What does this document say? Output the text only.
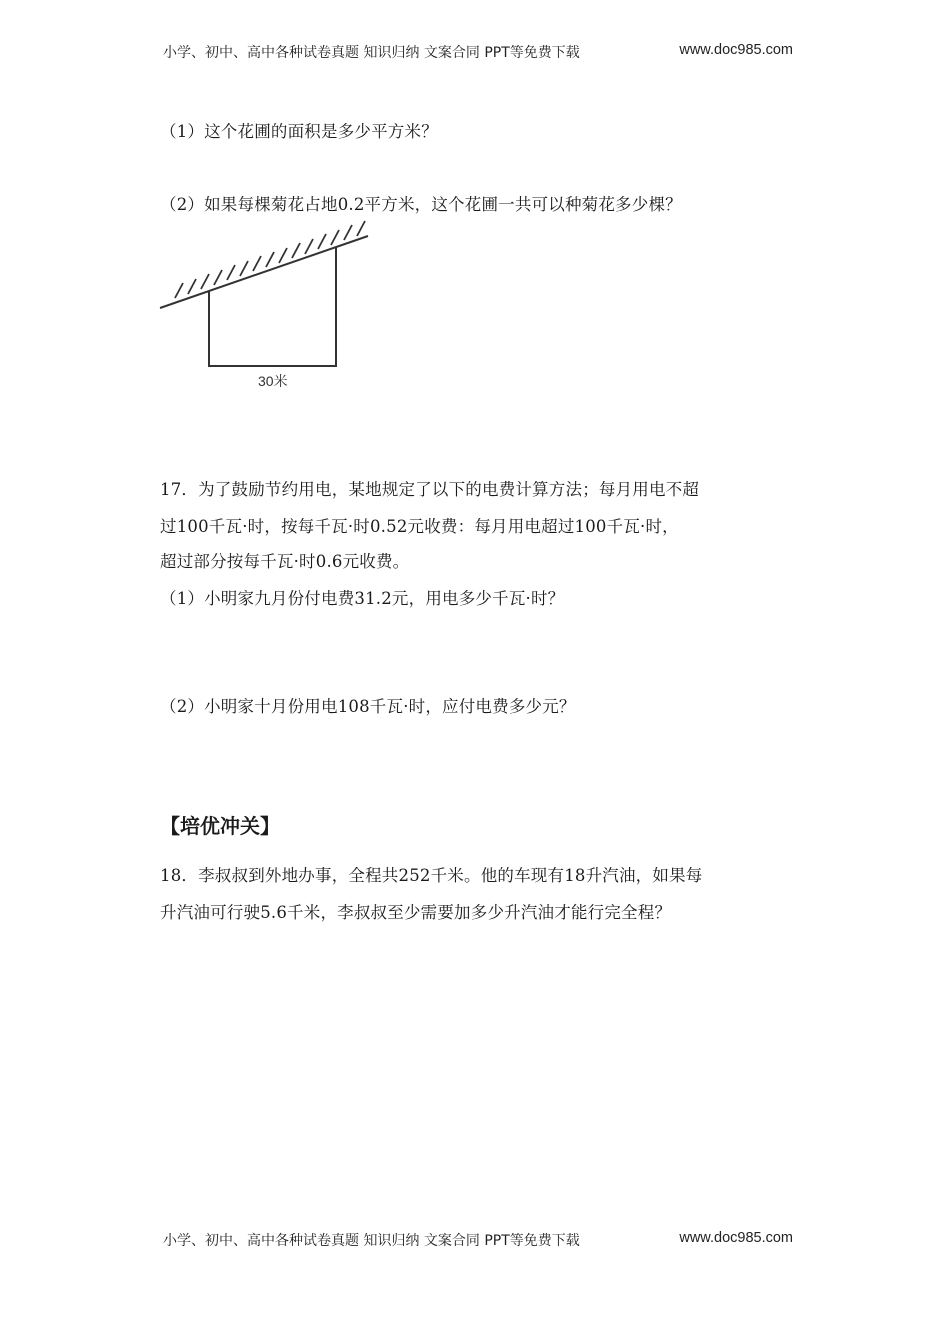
小学、初中、高中各种试卷真题 知识归纳 文案合同 PPT等免费下载	www.doc985.com
（1）这个花圃的面积是多少平方米？
（2）如果每棵菊花占地0.2平方米，这个花圃一共可以种菊花多少棵？
30米
17．为了鼓励节约用电，某地规定了以下的电费计算方法；每月用电不超
过100千瓦·时，按每千瓦·时0.52元收费：每月用电超过100千瓦·时，
超过部分按每千瓦·时0.6元收费。
（1）小明家九月份付电费31.2元，用电多少千瓦·时？
（2）小明家十月份用电108千瓦·时，应付电费多少元？
【培优冲关】
18．李叔叔到外地办事，全程共252千米。他的车现有18升汽油，如果每
升汽油可行驶5.6千米，李叔叔至少需要加多少升汽油才能行完全程？
小学、初中、高中各种试卷真题 知识归纳 文案合同 PPT等免费下载	www.doc985.com
